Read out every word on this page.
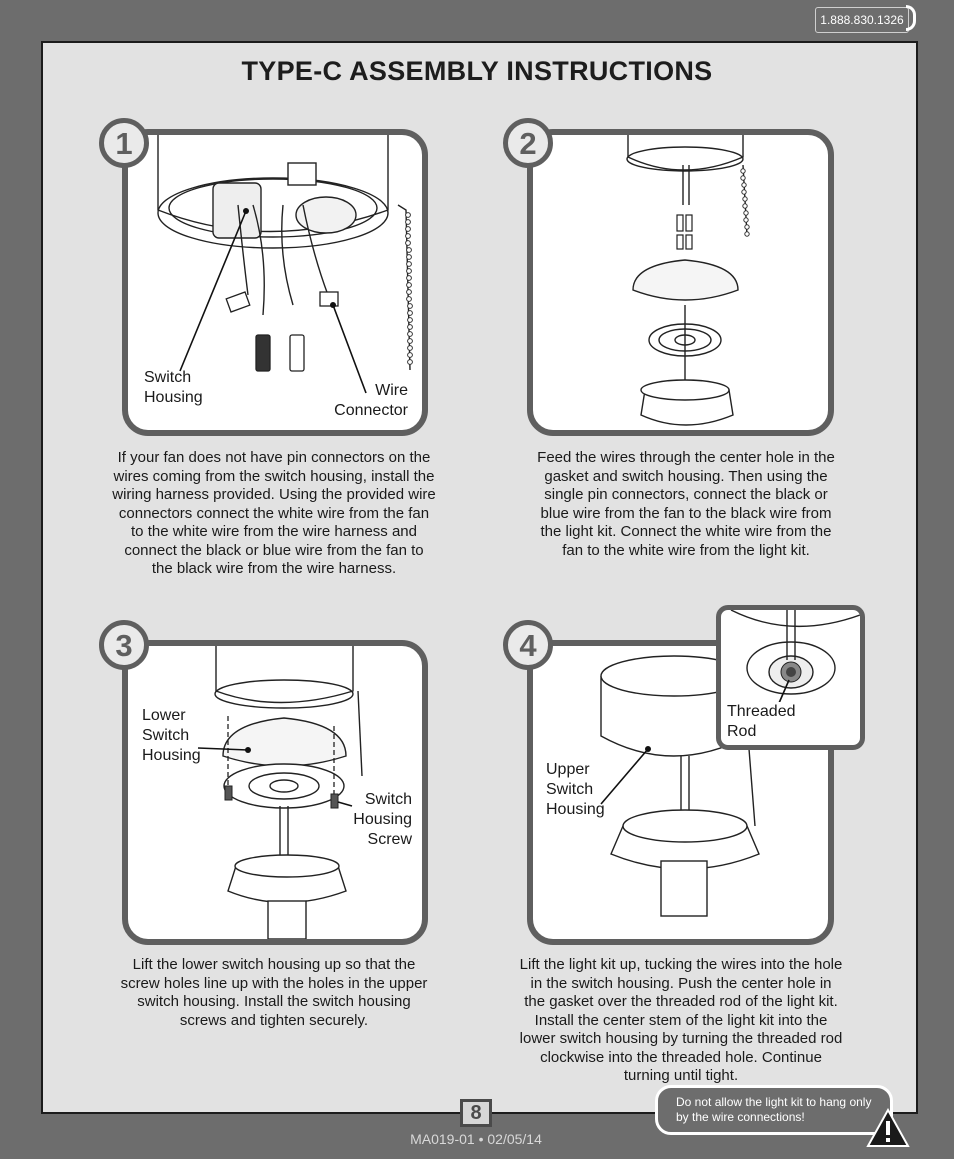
1.888.830.1326
TYPE-C ASSEMBLY INSTRUCTIONS
1
Switch
Housing	Wire
Connector
If your fan does not have pin connectors on the wires coming from the switch housing, install the wiring harness provided. Using the provided wire connectors connect the white wire from the fan to the white wire from the wire harness and connect the black or blue wire from the fan to the black wire from the wire harness.
2
Feed the wires through the center hole in the gasket and switch housing. Then using the single pin connectors, connect the black or blue wire from the fan to the black wire from the light kit. Connect the white wire from the fan to the white wire from the light kit.
3
Lower
Switch
Housing
Switch
Housing
Screw
Lift the lower switch housing up so that the screw holes line up with the holes in the upper switch housing. Install the switch housing screws and tighten securely.
4
Upper
Switch
Housing
Threaded
Rod
Lift the light kit up, tucking the wires into the hole in the switch housing. Push the center hole in the gasket over the threaded rod of the light kit. Install the center stem of the light kit into the lower switch housing by turning the threaded rod clockwise into the threaded hole. Continue turning until tight.
8
MA019-01 • 02/05/14
Do not allow the light kit to hang only by the wire connections!
